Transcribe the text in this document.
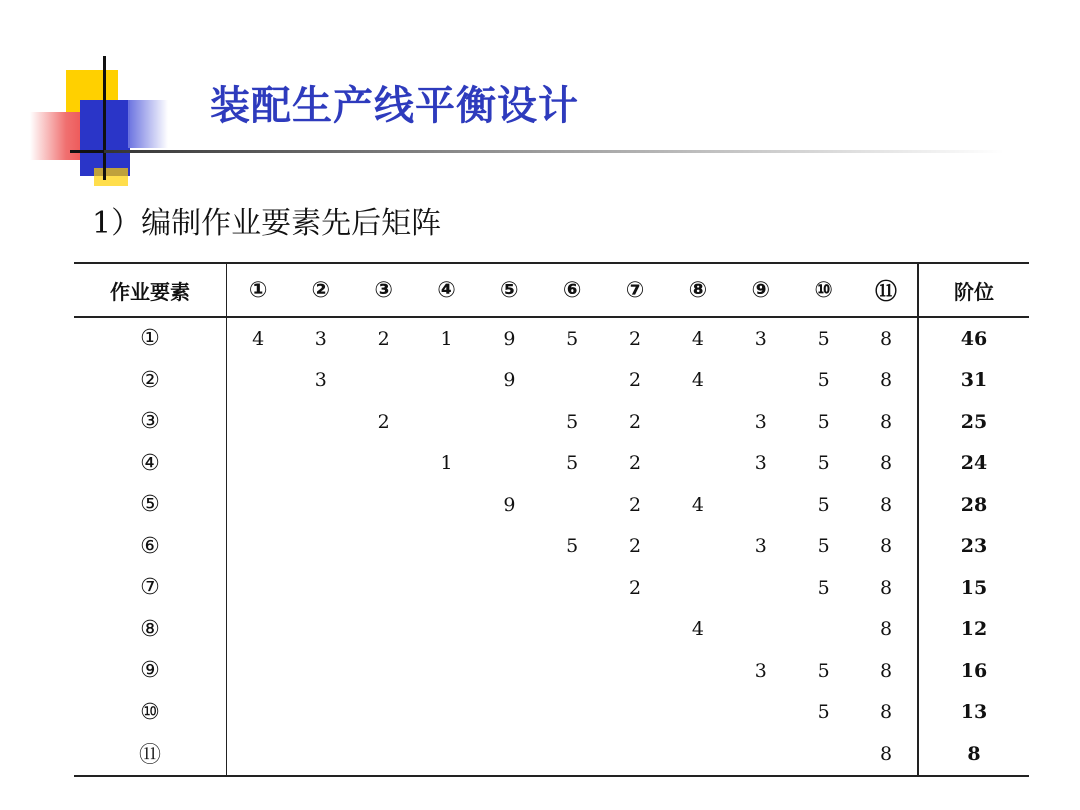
装配生产线平衡设计
1）编制作业要素先后矩阵
作业要素	①	②	③	④	⑤	⑥	⑦	⑧	⑨	⑩	⑪	阶位
①	4	3	2	1	9	5	2	4	3	5	8	46
②		3			9		2	4		5	8	31
③			2			5	2		3	5	8	25
④				1		5	2		3	5	8	24
⑤					9		2	4		5	8	28
⑥						5	2		3	5	8	23
⑦							2			5	8	15
⑧								4			8	12
⑨									3	5	8	16
⑩										5	8	13
⑪											8	8
